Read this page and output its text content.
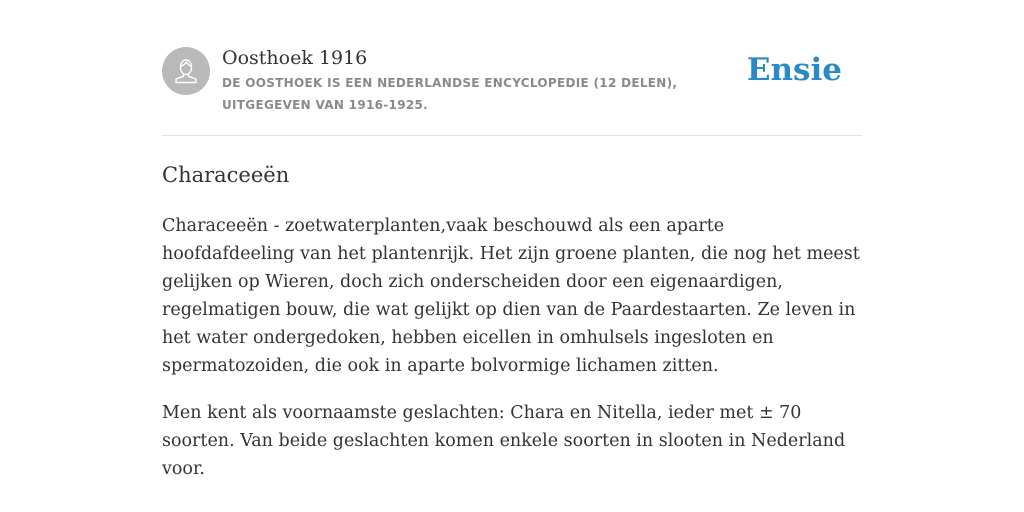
Oosthoek 1916
DE OOSTHOEK IS EEN NEDERLANDSE ENCYCLOPEDIE (12 DELEN), UITGEGEVEN VAN 1916-1925.
Ensie
Characeeën

Characeeën - zoetwaterplanten,vaak beschouwd als een aparte hoofdafdeeling van het plantenrijk. Het zijn groene planten, die nog het meest gelijken op Wieren, doch zich onderscheiden door een eigenaardigen, regelmatigen bouw, die wat gelijkt op dien van de Paardestaarten. Ze leven in het water ondergedoken, hebben eicellen in omhulsels ingesloten en spermatozoiden, die ook in aparte bolvormige lichamen zitten.

Men kent als voornaamste geslachten: Chara en Nitella, ieder met ± 70 soorten. Van beide geslachten komen enkele soorten in slooten in Nederland voor.
